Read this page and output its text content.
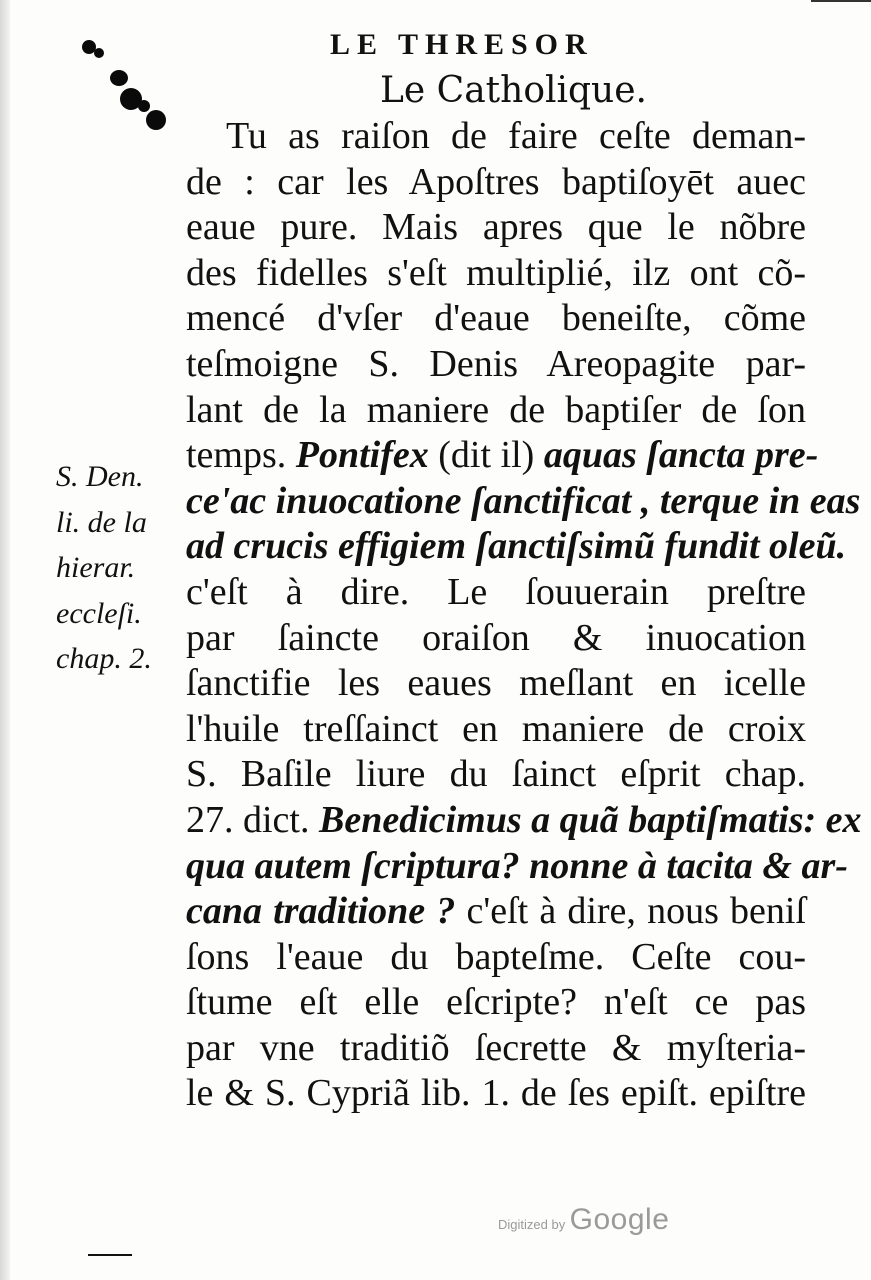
LE THRESOR
Le Catholique.
Tu as raiſon de faire ceſte deman-
de : car les Apoſtres baptiſoyēt auec
eaue pure. Mais apres que le nõbre
des fidelles s'eſt multiplié, ilz ont cõ-
mencé d'vſer d'eaue beneiſte, cõme
teſmoigne S. Denis Areopagite par-
lant de la maniere de baptiſer de ſon
temps. Pontifex (dit il) aquas ſancta pre-
ce'ac inuocatione ſanctificat , terque in eas
ad crucis effigiem ſanctiſsimũ fundit oleũ.
c'eſt à dire. Le ſouuerain preſtre
par ſaincte oraiſon & inuocation
ſanctifie les eaues meſlant en icelle
l'huile treſſainct en maniere de croix
S. Baſile liure du ſainct eſprit chap.
27. dict. Benedicimus a quã baptiſmatis: ex
qua autem ſcriptura? nonne à tacita & ar-
cana traditione ? c'eſt à dire, nous beniſ
ſons l'eaue du bapteſme. Ceſte cou-
ſtume eſt elle eſcripte? n'eſt ce pas
par vne traditiõ ſecrette & myſteria-
le & S. Cypriã lib. 1. de ſes epiſt. epiſtre
S. Den.
li. de la
hierar.
eccleſi.
chap. 2.
Digitized by Google
